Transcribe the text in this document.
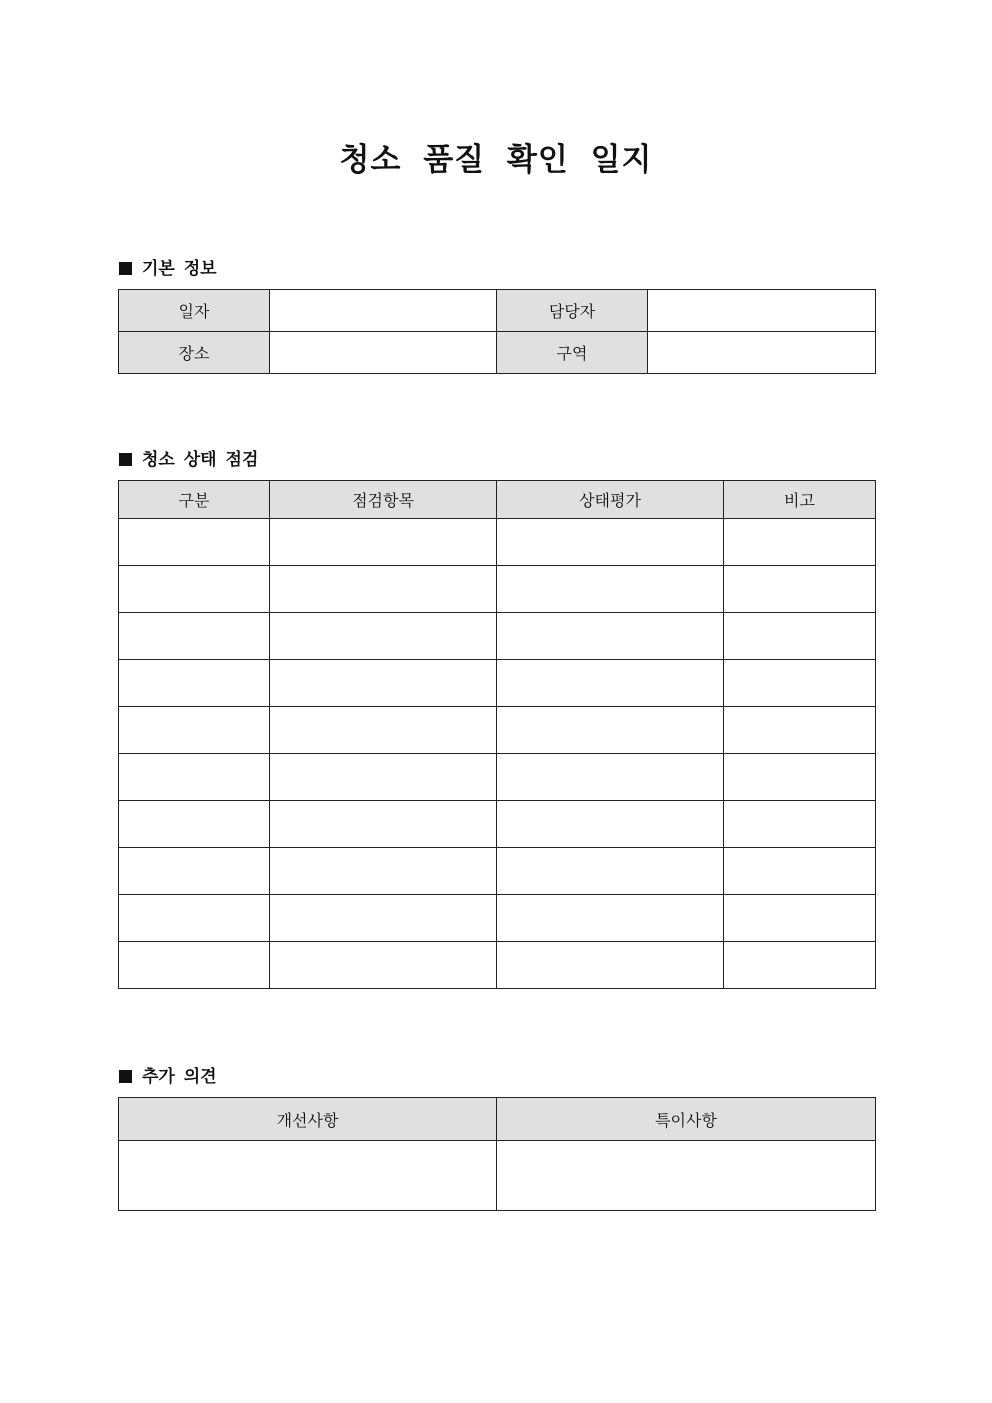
청소 품질 확인 일지
기본 정보
일자		담당자	
장소		구역	
청소 상태 점검
구분	점검항목	상태평가	비고

추가 의견
개선사항	특이사항
